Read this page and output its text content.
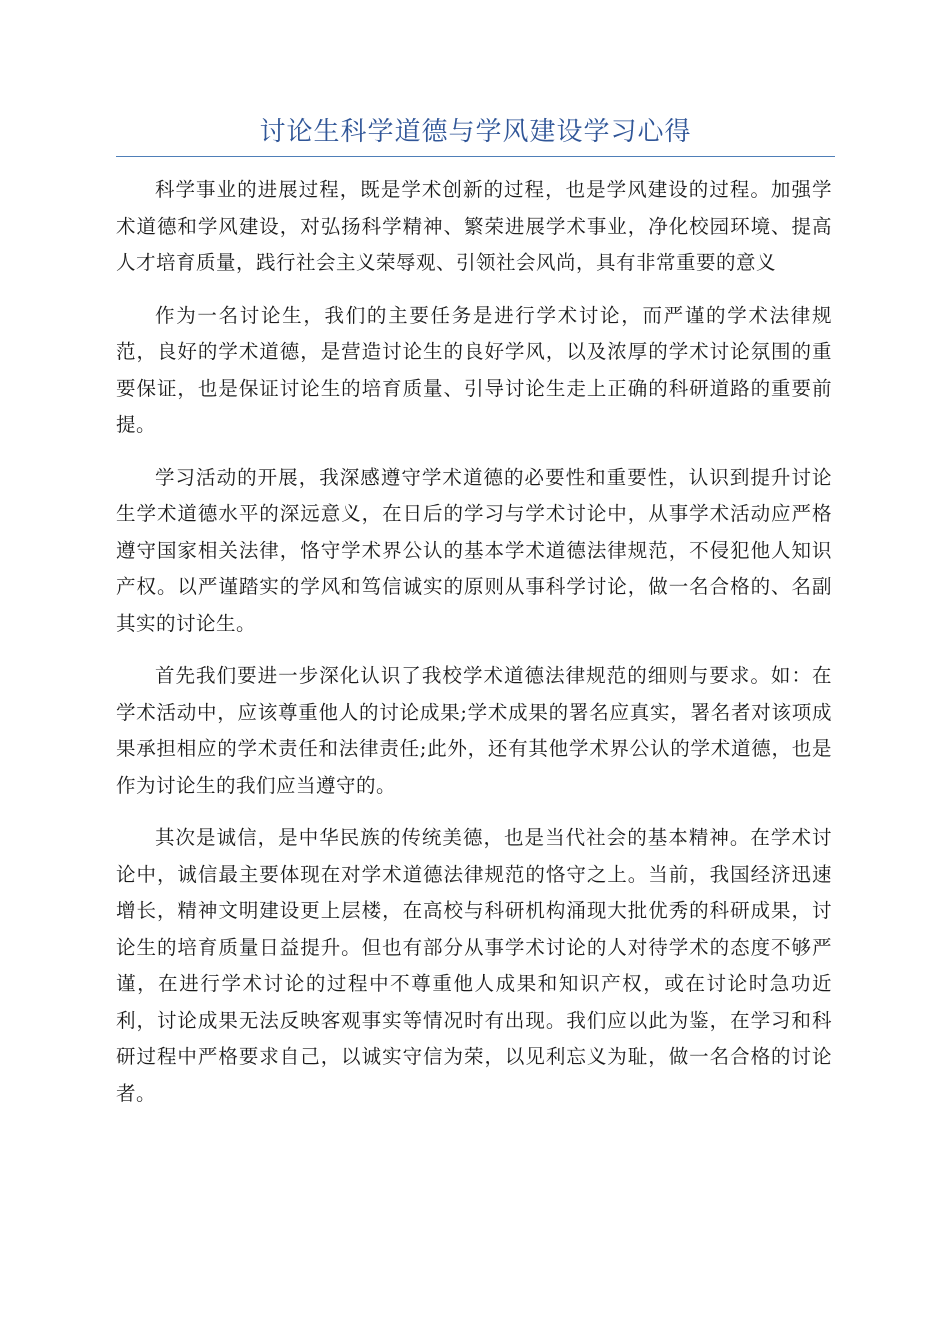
讨论生科学道德与学风建设学习心得

科学事业的进展过程，既是学术创新的过程，也是学风建设的过程。加强学术道德和学风建设，对弘扬科学精神、繁荣进展学术事业，净化校园环境、提高人才培育质量，践行社会主义荣辱观、引领社会风尚，具有非常重要的意义

作为一名讨论生，我们的主要任务是进行学术讨论，而严谨的学术法律规范，良好的学术道德，是营造讨论生的良好学风，以及浓厚的学术讨论氛围的重要保证，也是保证讨论生的培育质量、引导讨论生走上正确的科研道路的重要前提。

学习活动的开展，我深感遵守学术道德的必要性和重要性，认识到提升讨论生学术道德水平的深远意义，在日后的学习与学术讨论中，从事学术活动应严格遵守国家相关法律，恪守学术界公认的基本学术道德法律规范，不侵犯他人知识产权。以严谨踏实的学风和笃信诚实的原则从事科学讨论，做一名合格的、名副其实的讨论生。

首先我们要进一步深化认识了我校学术道德法律规范的细则与要求。如：在学术活动中，应该尊重他人的讨论成果;学术成果的署名应真实，署名者对该项成果承担相应的学术责任和法律责任;此外，还有其他学术界公认的学术道德，也是作为讨论生的我们应当遵守的。

其次是诚信，是中华民族的传统美德，也是当代社会的基本精神。在学术讨论中，诚信最主要体现在对学术道德法律规范的恪守之上。当前，我国经济迅速增长，精神文明建设更上层楼，在高校与科研机构涌现大批优秀的科研成果，讨论生的培育质量日益提升。但也有部分从事学术讨论的人对待学术的态度不够严谨，在进行学术讨论的过程中不尊重他人成果和知识产权，或在讨论时急功近利，讨论成果无法反映客观事实等情况时有出现。我们应以此为鉴，在学习和科研过程中严格要求自己，以诚实守信为荣，以见利忘义为耻，做一名合格的讨论者。
